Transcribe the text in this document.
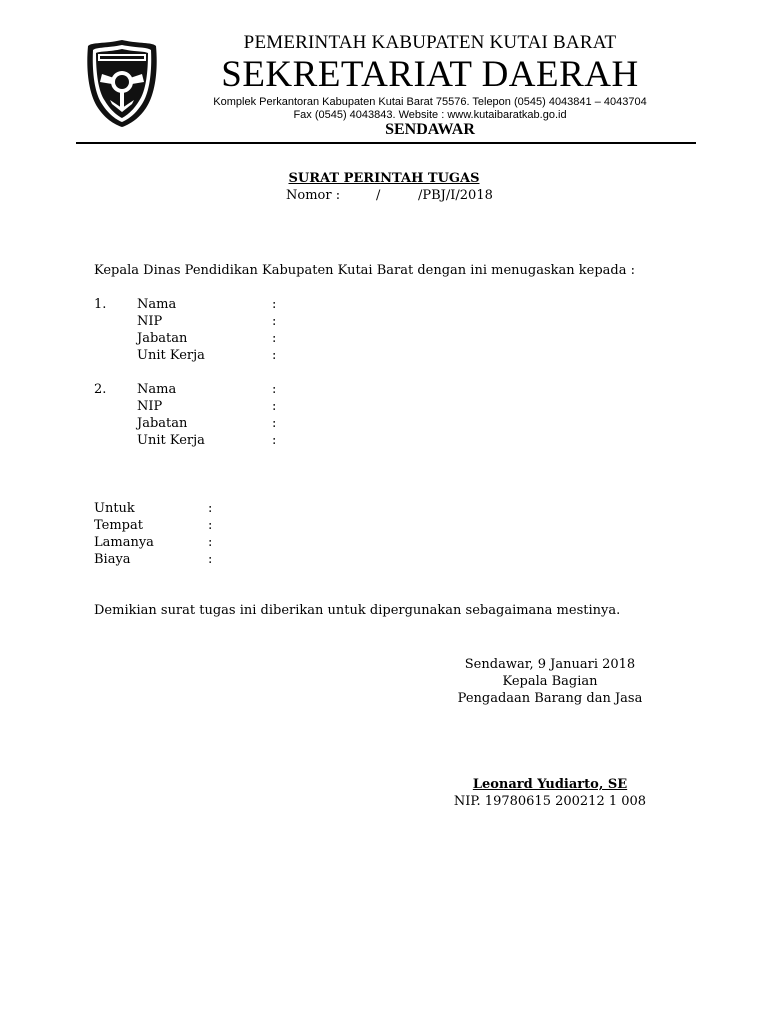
PEMERINTAH KABUPATEN KUTAI BARAT
SEKRETARIAT DAERAH
Komplek Perkantoran Kabupaten Kutai Barat 75576. Telepon (0545) 4043841 – 4043704
Fax (0545) 4043843. Website : www.kutaibaratkab.go.id
SENDAWAR
SURAT PERINTAH TUGAS
Nomor :	/	/PBJ/I/2018
Kepala Dinas Pendidikan Kabupaten Kutai Barat dengan ini menugaskan kepada :
1. Nama
NIP
Jabatan
Unit Kerja
:
:
:
:
2. Nama
NIP
Jabatan
Unit Kerja
:
:
:
:
Untuk
Tempat
Lamanya
Biaya
:
:
:
:
Demikian surat tugas ini diberikan untuk dipergunakan sebagaimana mestinya.
Sendawar, 9 Januari 2018
Kepala Bagian
Pengadaan Barang dan Jasa
Leonard Yudiarto, SE
NIP. 19780615 200212 1 008
